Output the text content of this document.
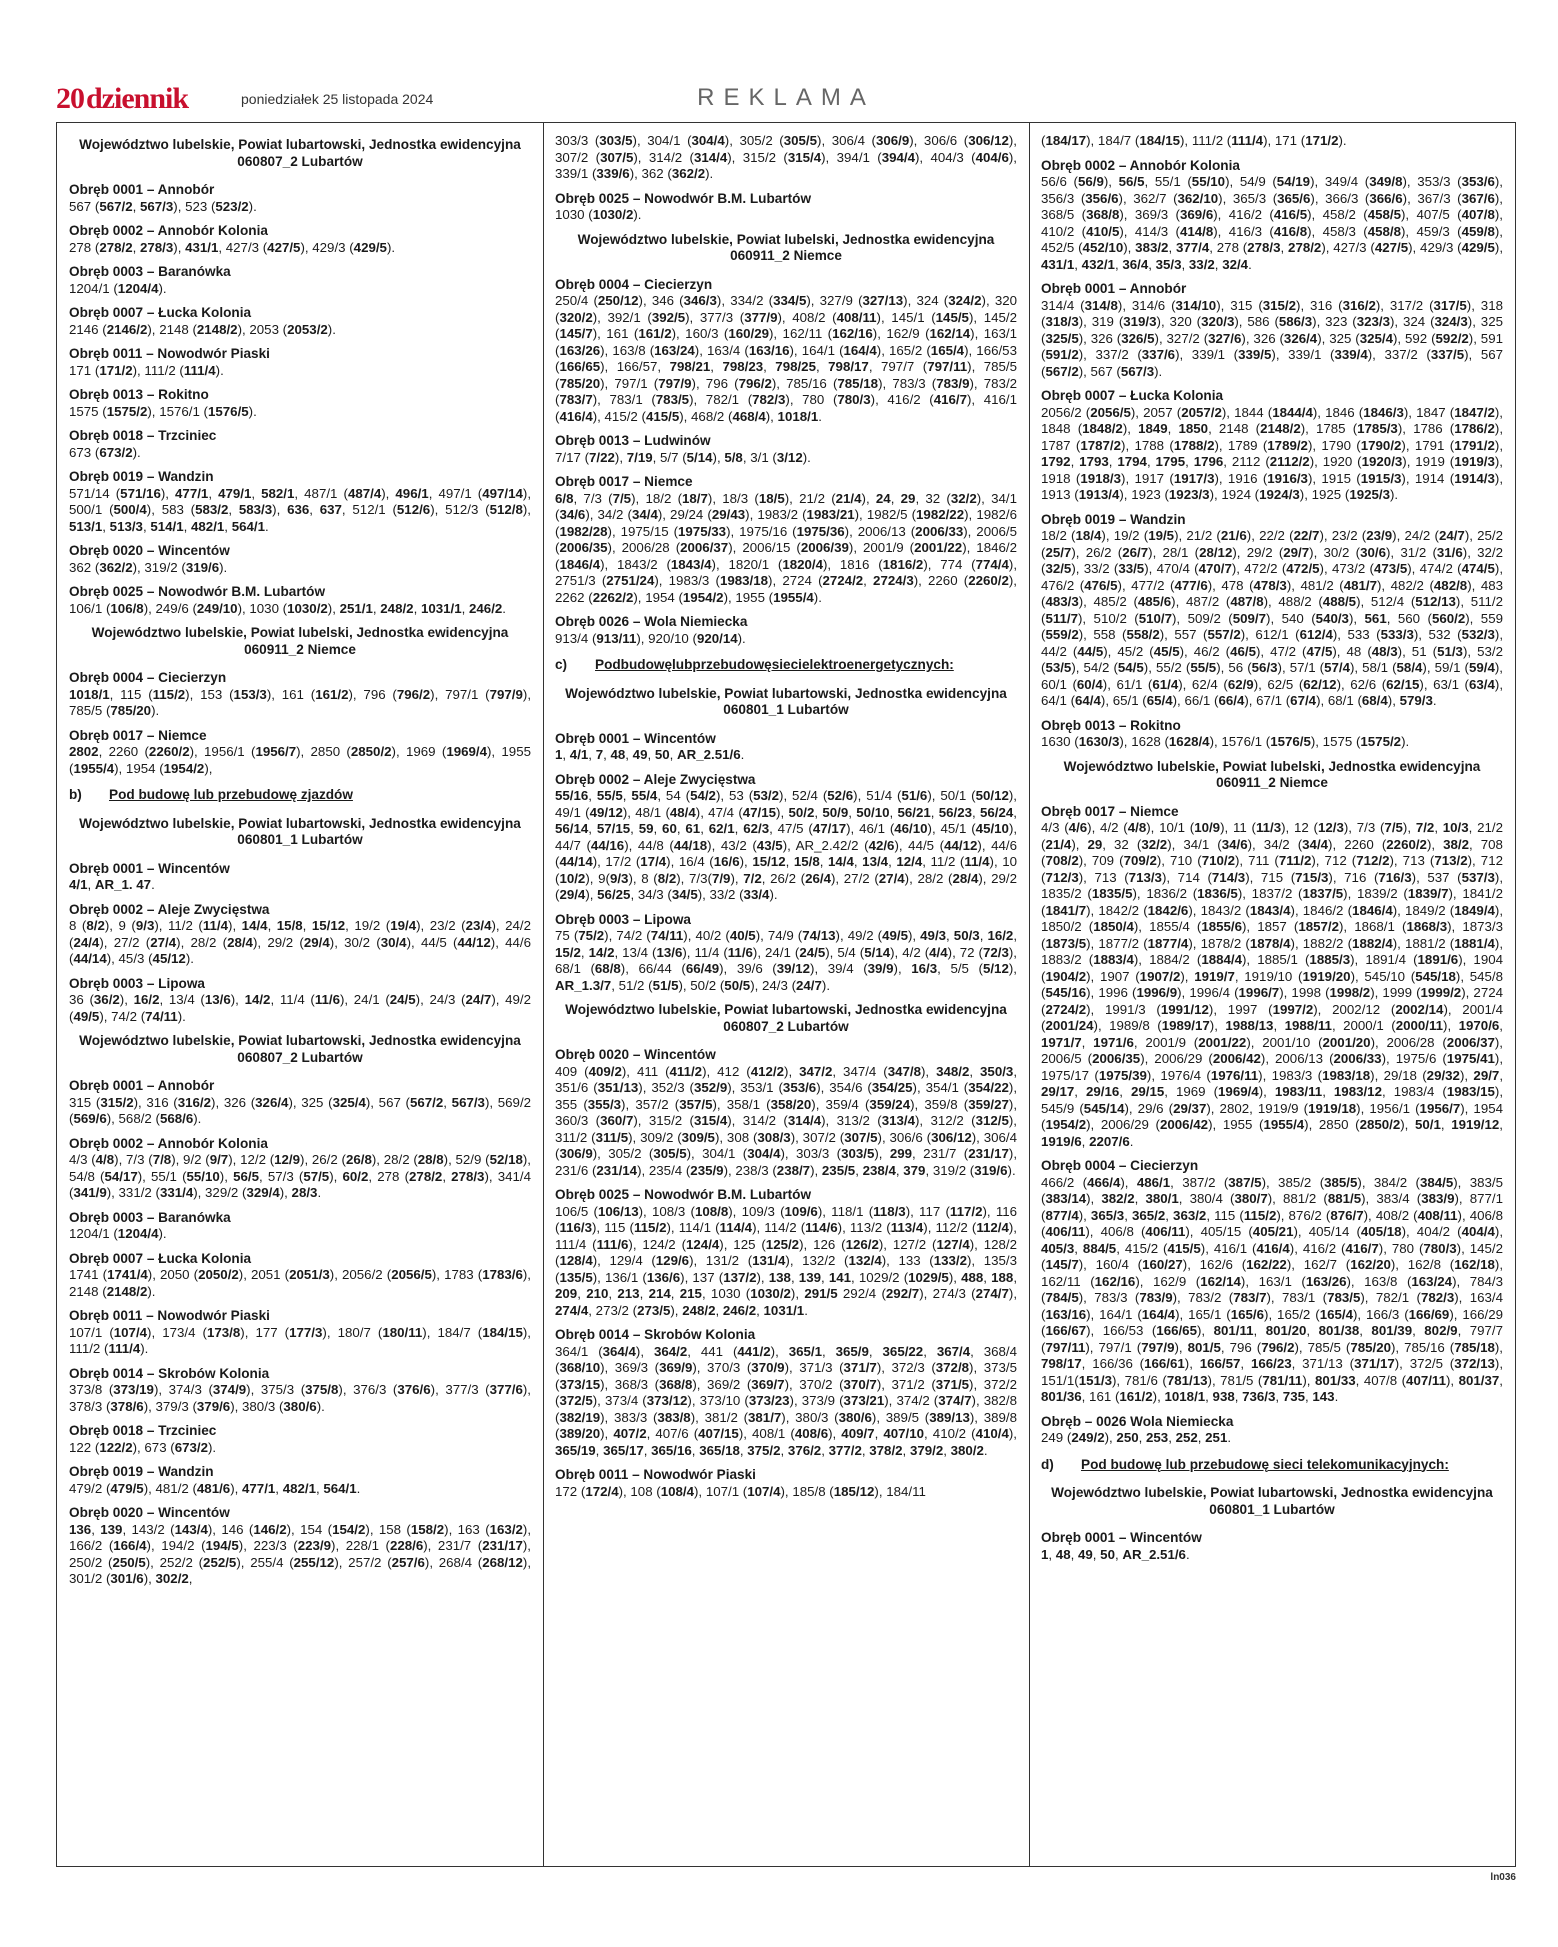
20dziennik	poniedziałek 25 listopada 2024	REKLAMA
Województwo lubelskie, Powiat lubartowski, Jednostka ewidencyjna 060807_2 Lubartów
Obręb 0001 – Annobór
567 (567/2, 567/3), 523 (523/2).
Obręb 0002 – Annobór Kolonia
278 (278/2, 278/3), 431/1, 427/3 (427/5), 429/3 (429/5).
Obręb 0003 – Baranówka
1204/1 (1204/4).
Obręb 0007 – Łucka Kolonia
2146 (2146/2), 2148 (2148/2), 2053 (2053/2).
Obręb 0011 – Nowodwór Piaski
171 (171/2), 111/2 (111/4).
Obręb 0013 – Rokitno
1575 (1575/2), 1576/1 (1576/5).
Obręb 0018 – Trzciniec
673 (673/2).
Obręb 0019 – Wandzin
571/14 (571/16), 477/1, 479/1, 582/1, 487/1 (487/4), 496/1, 497/1 (497/14), 500/1 (500/4), 583 (583/2, 583/3), 636, 637, 512/1 (512/6), 512/3 (512/8), 513/1, 513/3, 514/1, 482/1, 564/1.
Obręb 0020 – Wincentów
362 (362/2), 319/2 (319/6).
Obręb 0025 – Nowodwór B.M. Lubartów
106/1 (106/8), 249/6 (249/10), 1030 (1030/2), 251/1, 248/2, 1031/1, 246/2.
Województwo lubelskie, Powiat lubelski, Jednostka ewidencyjna 060911_2 Niemce
Obręb 0004 – Ciecierzyn
1018/1, 115 (115/2), 153 (153/3), 161 (161/2), 796 (796/2), 797/1 (797/9), 785/5 (785/20).
Obręb 0017 – Niemce
2802, 2260 (2260/2), 1956/1 (1956/7), 2850 (2850/2), 1969 (1969/4), 1955 (1955/4), 1954 (1954/2),
b) Pod budowę lub przebudowę zjazdów
Województwo lubelskie, Powiat lubartowski, Jednostka ewidencyjna 060801_1 Lubartów
Obręb 0001 – Wincentów
4/1, AR_1. 47.
Obręb 0002 – Aleje Zwycięstwa
8 (8/2), 9 (9/3), 11/2 (11/4), 14/4, 15/8, 15/12, 19/2 (19/4), 23/2 (23/4), 24/2 (24/4), 27/2 (27/4), 28/2 (28/4), 29/2 (29/4), 30/2 (30/4), 44/5 (44/12), 44/6 (44/14), 45/3 (45/12).
Obręb 0003 – Lipowa
36 (36/2), 16/2, 13/4 (13/6), 14/2, 11/4 (11/6), 24/1 (24/5), 24/3 (24/7), 49/2 (49/5), 74/2 (74/11).
Województwo lubelskie, Powiat lubartowski, Jednostka ewidencyjna 060807_2 Lubartów
Obręb 0001 – Annobór
315 (315/2), 316 (316/2), 326 (326/4), 325 (325/4), 567 (567/2, 567/3), 569/2 (569/6), 568/2 (568/6).
Obręb 0002 – Annobór Kolonia
4/3 (4/8), 7/3 (7/8), 9/2 (9/7), 12/2 (12/9), 26/2 (26/8), 28/2 (28/8), 52/9 (52/18), 54/8 (54/17), 55/1 (55/10), 56/5, 57/3 (57/5), 60/2, 278 (278/2, 278/3), 341/4 (341/9), 331/2 (331/4), 329/2 (329/4), 28/3.
Obręb 0003 – Baranówka
1204/1 (1204/4).
Obręb 0007 – Łucka Kolonia
1741 (1741/4), 2050 (2050/2), 2051 (2051/3), 2056/2 (2056/5), 1783 (1783/6), 2148 (2148/2).
Obręb 0011 – Nowodwór Piaski
107/1 (107/4), 173/4 (173/8), 177 (177/3), 180/7 (180/11), 184/7 (184/15), 111/2 (111/4).
Obręb 0014 – Skrobów Kolonia
373/8 (373/19), 374/3 (374/9), 375/3 (375/8), 376/3 (376/6), 377/3 (377/6), 378/3 (378/6), 379/3 (379/6), 380/3 (380/6).
Obręb 0018 – Trzciniec
122 (122/2), 673 (673/2).
Obręb 0019 – Wandzin
479/2 (479/5), 481/2 (481/6), 477/1, 482/1, 564/1.
Obręb 0020 – Wincentów
136, 139, 143/2 (143/4), 146 (146/2), 154 (154/2), 158 (158/2), 163 (163/2), 166/2 (166/4), 194/2 (194/5), 223/3 (223/9), 228/1 (228/6), 231/7 (231/17), 250/2 (250/5), 252/2 (252/5), 255/4 (255/12), 257/2 (257/6), 268/4 (268/12), 301/2 (301/6), 302/2,
303/3 (303/5), 304/1 (304/4), 305/2 (305/5), 306/4 (306/9), 306/6 (306/12), 307/2 (307/5), 314/2 (314/4), 315/2 (315/4), 394/1 (394/4), 404/3 (404/6), 339/1 (339/6), 362 (362/2).
Obręb 0025 – Nowodwór B.M. Lubartów
1030 (1030/2).
Województwo lubelskie, Powiat lubelski, Jednostka ewidencyjna 060911_2 Niemce
Obręb 0004 – Ciecierzyn
250/4 (250/12), 346 (346/3), 334/2 (334/5), 327/9 (327/13), 324 (324/2), 320 (320/2), 392/1 (392/5), 377/3 (377/9), 408/2 (408/11), 145/1 (145/5), 145/2 (145/7), 161 (161/2), 160/3 (160/29), 162/11 (162/16), 162/9 (162/14), 163/1 (163/26), 163/8 (163/24), 163/4 (163/16), 164/1 (164/4), 165/2 (165/4), 166/53 (166/65), 166/57, 798/21, 798/23, 798/25, 798/17, 797/7 (797/11), 785/5 (785/20), 797/1 (797/9), 796 (796/2), 785/16 (785/18), 783/3 (783/9), 783/2 (783/7), 783/1 (783/5), 782/1 (782/3), 780 (780/3), 416/2 (416/7), 416/1 (416/4), 415/2 (415/5), 468/2 (468/4), 1018/1.
Obręb 0013 – Ludwinów
7/17 (7/22), 7/19, 5/7 (5/14), 5/8, 3/1 (3/12).
Obręb 0017 – Niemce
6/8, 7/3 (7/5), 18/2 (18/7), 18/3 (18/5), 21/2 (21/4), 24, 29, 32 (32/2), 34/1 (34/6), 34/2 (34/4), 29/24 (29/43), 1983/2 (1983/21), 1982/5 (1982/22), 1982/6 (1982/28), 1975/15 (1975/33), 1975/16 (1975/36), 2006/13 (2006/33), 2006/5 (2006/35), 2006/28 (2006/37), 2006/15 (2006/39), 2001/9 (2001/22), 1846/2 (1846/4), 1843/2 (1843/4), 1820/1 (1820/4), 1816 (1816/2), 774 (774/4), 2751/3 (2751/24), 1983/3 (1983/18), 2724 (2724/2, 2724/3), 2260 (2260/2), 2262 (2262/2), 1954 (1954/2), 1955 (1955/4).
Obręb 0026 – Wola Niemiecka
913/4 (913/11), 920/10 (920/14).
c) Podbudowęlubprzebudowęsiecielektroenergetycznych:
Województwo lubelskie, Powiat lubartowski, Jednostka ewidencyjna 060801_1 Lubartów
Obręb 0001 – Wincentów
1, 4/1, 7, 48, 49, 50, AR_2.51/6.
Obręb 0002 – Aleje Zwycięstwa
55/16, 55/5, 55/4, 54 (54/2), 53 (53/2), 52/4 (52/6), 51/4 (51/6), 50/1 (50/12), 49/1 (49/12), 48/1 (48/4), 47/4 (47/15), 50/2, 50/9, 50/10, 56/21, 56/23, 56/24, 56/14, 57/15, 59, 60, 61, 62/1, 62/3, 47/5 (47/17), 46/1 (46/10), 45/1 (45/10), 44/7 (44/16), 44/8 (44/18), 43/2 (43/5), AR_2.42/2 (42/6), 44/5 (44/12), 44/6 (44/14), 17/2 (17/4), 16/4 (16/6), 15/12, 15/8, 14/4, 13/4, 12/4, 11/2 (11/4), 10 (10/2), 9(9/3), 8 (8/2), 7/3(7/9), 7/2, 26/2 (26/4), 27/2 (27/4), 28/2 (28/4), 29/2 (29/4), 56/25, 34/3 (34/5), 33/2 (33/4).
Obręb 0003 – Lipowa
75 (75/2), 74/2 (74/11), 40/2 (40/5), 74/9 (74/13), 49/2 (49/5), 49/3, 50/3, 16/2, 15/2, 14/2, 13/4 (13/6), 11/4 (11/6), 24/1 (24/5), 5/4 (5/14), 4/2 (4/4), 72 (72/3), 68/1 (68/8), 66/44 (66/49), 39/6 (39/12), 39/4 (39/9), 16/3, 5/5 (5/12), AR_1.3/7, 51/2 (51/5), 50/2 (50/5), 24/3 (24/7).
Województwo lubelskie, Powiat lubartowski, Jednostka ewidencyjna 060807_2 Lubartów
Obręb 0020 – Wincentów
409 (409/2), 411 (411/2), 412 (412/2), 347/2, 347/4 (347/8), 348/2, 350/3, 351/6 (351/13), 352/3 (352/9), 353/1 (353/6), 354/6 (354/25), 354/1 (354/22), 355 (355/3), 357/2 (357/5), 358/1 (358/20), 359/4 (359/24), 359/8 (359/27), 360/3 (360/7), 315/2 (315/4), 314/2 (314/4), 313/2 (313/4), 312/2 (312/5), 311/2 (311/5), 309/2 (309/5), 308 (308/3), 307/2 (307/5), 306/6 (306/12), 306/4 (306/9), 305/2 (305/5), 304/1 (304/4), 303/3 (303/5), 299, 231/7 (231/17), 231/6 (231/14), 235/4 (235/9), 238/3 (238/7), 235/5, 238/4, 379, 319/2 (319/6).
Obręb 0025 – Nowodwór B.M. Lubartów
106/5 (106/13), 108/3 (108/8), 109/3 (109/6), 118/1 (118/3), 117 (117/2), 116 (116/3), 115 (115/2), 114/1 (114/4), 114/2 (114/6), 113/2 (113/4), 112/2 (112/4), 111/4 (111/6), 124/2 (124/4), 125 (125/2), 126 (126/2), 127/2 (127/4), 128/2 (128/4), 129/4 (129/6), 131/2 (131/4), 132/2 (132/4), 133 (133/2), 135/3 (135/5), 136/1 (136/6), 137 (137/2), 138, 139, 141, 1029/2 (1029/5), 488, 188, 209, 210, 213, 214, 215, 1030 (1030/2), 291/5 292/4 (292/7), 274/3 (274/7), 274/4, 273/2 (273/5), 248/2, 246/2, 1031/1.
Obręb 0014 – Skrobów Kolonia
364/1 (364/4), 364/2, 441 (441/2), 365/1, 365/9, 365/22, 367/4, 368/4 (368/10), 369/3 (369/9), 370/3 (370/9), 371/3 (371/7), 372/3 (372/8), 373/5 (373/15), 368/3 (368/8), 369/2 (369/7), 370/2 (370/7), 371/2 (371/5), 372/2 (372/5), 373/4 (373/12), 373/10 (373/23), 373/9 (373/21), 374/2 (374/7), 382/8 (382/19), 383/3 (383/8), 381/2 (381/7), 380/3 (380/6), 389/5 (389/13), 389/8 (389/20), 407/2, 407/6 (407/15), 408/1 (408/6), 409/7, 407/10, 410/2 (410/4), 365/19, 365/17, 365/16, 365/18, 375/2, 376/2, 377/2, 378/2, 379/2, 380/2.
Obręb 0011 – Nowodwór Piaski
172 (172/4), 108 (108/4), 107/1 (107/4), 185/8 (185/12), 184/11
(184/17), 184/7 (184/15), 111/2 (111/4), 171 (171/2).
Obręb 0002 – Annobór Kolonia
56/6 (56/9), 56/5, 55/1 (55/10), 54/9 (54/19), 349/4 (349/8), 353/3 (353/6), 356/3 (356/6), 362/7 (362/10), 365/3 (365/6), 366/3 (366/6), 367/3 (367/6), 368/5 (368/8), 369/3 (369/6), 416/2 (416/5), 458/2 (458/5), 407/5 (407/8), 410/2 (410/5), 414/3 (414/8), 416/3 (416/8), 458/3 (458/8), 459/3 (459/8), 452/5 (452/10), 383/2, 377/4, 278 (278/3, 278/2), 427/3 (427/5), 429/3 (429/5), 431/1, 432/1, 36/4, 35/3, 33/2, 32/4.
Obręb 0001 – Annobór
314/4 (314/8), 314/6 (314/10), 315 (315/2), 316 (316/2), 317/2 (317/5), 318 (318/3), 319 (319/3), 320 (320/3), 586 (586/3), 323 (323/3), 324 (324/3), 325 (325/5), 326 (326/5), 327/2 (327/6), 326 (326/4), 325 (325/4), 592 (592/2), 591 (591/2), 337/2 (337/6), 339/1 (339/5), 339/1 (339/4), 337/2 (337/5), 567 (567/2), 567 (567/3).
Obręb 0007 – Łucka Kolonia
2056/2 (2056/5), 2057 (2057/2), 1844 (1844/4), 1846 (1846/3), 1847 (1847/2), 1848 (1848/2), 1849, 1850, 2148 (2148/2), 1785 (1785/3), 1786 (1786/2), 1787 (1787/2), 1788 (1788/2), 1789 (1789/2), 1790 (1790/2), 1791 (1791/2), 1792, 1793, 1794, 1795, 1796, 2112 (2112/2), 1920 (1920/3), 1919 (1919/3), 1918 (1918/3), 1917 (1917/3), 1916 (1916/3), 1915 (1915/3), 1914 (1914/3), 1913 (1913/4), 1923 (1923/3), 1924 (1924/3), 1925 (1925/3).
Obręb 0019 – Wandzin
18/2 (18/4), 19/2 (19/5), 21/2 (21/6), 22/2 (22/7), 23/2 (23/9), 24/2 (24/7), 25/2 (25/7), 26/2 (26/7), 28/1 (28/12), 29/2 (29/7), 30/2 (30/6), 31/2 (31/6), 32/2 (32/5), 33/2 (33/5), 470/4 (470/7), 472/2 (472/5), 473/2 (473/5), 474/2 (474/5), 476/2 (476/5), 477/2 (477/6), 478 (478/3), 481/2 (481/7), 482/2 (482/8), 483 (483/3), 485/2 (485/6), 487/2 (487/8), 488/2 (488/5), 512/4 (512/13), 511/2 (511/7), 510/2 (510/7), 509/2 (509/7), 540 (540/3), 561, 560 (560/2), 559 (559/2), 558 (558/2), 557 (557/2), 612/1 (612/4), 533 (533/3), 532 (532/3), 44/2 (44/5), 45/2 (45/5), 46/2 (46/5), 47/2 (47/5), 48 (48/3), 51 (51/3), 53/2 (53/5), 54/2 (54/5), 55/2 (55/5), 56 (56/3), 57/1 (57/4), 58/1 (58/4), 59/1 (59/4), 60/1 (60/4), 61/1 (61/4), 62/4 (62/9), 62/5 (62/12), 62/6 (62/15), 63/1 (63/4), 64/1 (64/4), 65/1 (65/4), 66/1 (66/4), 67/1 (67/4), 68/1 (68/4), 579/3.
Obręb 0013 – Rokitno
1630 (1630/3), 1628 (1628/4), 1576/1 (1576/5), 1575 (1575/2).
Województwo lubelskie, Powiat lubelski, Jednostka ewidencyjna 060911_2 Niemce
Obręb 0017 – Niemce
4/3 (4/6), 4/2 (4/8), 10/1 (10/9), 11 (11/3), 12 (12/3), 7/3 (7/5), 7/2, 10/3, 21/2 (21/4), 29, 32 (32/2), 34/1 (34/6), 34/2 (34/4), 2260 (2260/2), 38/2, 708 (708/2), 709 (709/2), 710 (710/2), 711 (711/2), 712 (712/2), 713 (713/2), 712 (712/3), 713 (713/3), 714 (714/3), 715 (715/3), 716 (716/3), 537 (537/3), 1835/2 (1835/5), 1836/2 (1836/5), 1837/2 (1837/5), 1839/2 (1839/7), 1841/2 (1841/7), 1842/2 (1842/6), 1843/2 (1843/4), 1846/2 (1846/4), 1849/2 (1849/4), 1850/2 (1850/4), 1855/4 (1855/6), 1857 (1857/2), 1868/1 (1868/3), 1873/3 (1873/5), 1877/2 (1877/4), 1878/2 (1878/4), 1882/2 (1882/4), 1881/2 (1881/4), 1883/2 (1883/4), 1884/2 (1884/4), 1885/1 (1885/3), 1891/4 (1891/6), 1904 (1904/2), 1907 (1907/2), 1919/7, 1919/10 (1919/20), 545/10 (545/18), 545/8 (545/16), 1996 (1996/9), 1996/4 (1996/7), 1998 (1998/2), 1999 (1999/2), 2724 (2724/2), 1991/3 (1991/12), 1997 (1997/2), 2002/12 (2002/14), 2001/4 (2001/24), 1989/8 (1989/17), 1988/13, 1988/11, 2000/1 (2000/11), 1970/6, 1971/7, 1971/6, 2001/9 (2001/22), 2001/10 (2001/20), 2006/28 (2006/37), 2006/5 (2006/35), 2006/29 (2006/42), 2006/13 (2006/33), 1975/6 (1975/41), 1975/17 (1975/39), 1976/4 (1976/11), 1983/3 (1983/18), 29/18 (29/32), 29/7, 29/17, 29/16, 29/15, 1969 (1969/4), 1983/11, 1983/12, 1983/4 (1983/15), 545/9 (545/14), 29/6 (29/37), 2802, 1919/9 (1919/18), 1956/1 (1956/7), 1954 (1954/2), 2006/29 (2006/42), 1955 (1955/4), 2850 (2850/2), 50/1, 1919/12, 1919/6, 2207/6.
Obręb 0004 – Ciecierzyn
466/2 (466/4), 486/1, 387/2 (387/5), 385/2 (385/5), 384/2 (384/5), 383/5 (383/14), 382/2, 380/1, 380/4 (380/7), 881/2 (881/5), 383/4 (383/9), 877/1 (877/4), 365/3, 365/2, 363/2, 115 (115/2), 876/2 (876/7), 408/2 (408/11), 406/8 (406/11), 406/8 (406/11), 405/15 (405/21), 405/14 (405/18), 404/2 (404/4), 405/3, 884/5, 415/2 (415/5), 416/1 (416/4), 416/2 (416/7), 780 (780/3), 145/2 (145/7), 160/4 (160/27), 162/6 (162/22), 162/7 (162/20), 162/8 (162/18), 162/11 (162/16), 162/9 (162/14), 163/1 (163/26), 163/8 (163/24), 784/3 (784/5), 783/3 (783/9), 783/2 (783/7), 783/1 (783/5), 782/1 (782/3), 163/4 (163/16), 164/1 (164/4), 165/1 (165/6), 165/2 (165/4), 166/3 (166/69), 166/29 (166/67), 166/53 (166/65), 801/11, 801/20, 801/38, 801/39, 802/9, 797/7 (797/11), 797/1 (797/9), 801/5, 796 (796/2), 785/5 (785/20), 785/16 (785/18), 798/17, 166/36 (166/61), 166/57, 166/23, 371/13 (371/17), 372/5 (372/13), 151/1(151/3), 781/6 (781/13), 781/5 (781/11), 801/33, 407/8 (407/11), 801/37, 801/36, 161 (161/2), 1018/1, 938, 736/3, 735, 143.
Obręb – 0026 Wola Niemiecka
249 (249/2), 250, 253, 252, 251.
d) Pod budowę lub przebudowę sieci telekomunikacyjnych:
Województwo lubelskie, Powiat lubartowski, Jednostka ewidencyjna 060801_1 Lubartów
Obręb 0001 – Wincentów
1, 48, 49, 50, AR_2.51/6.
ln036
